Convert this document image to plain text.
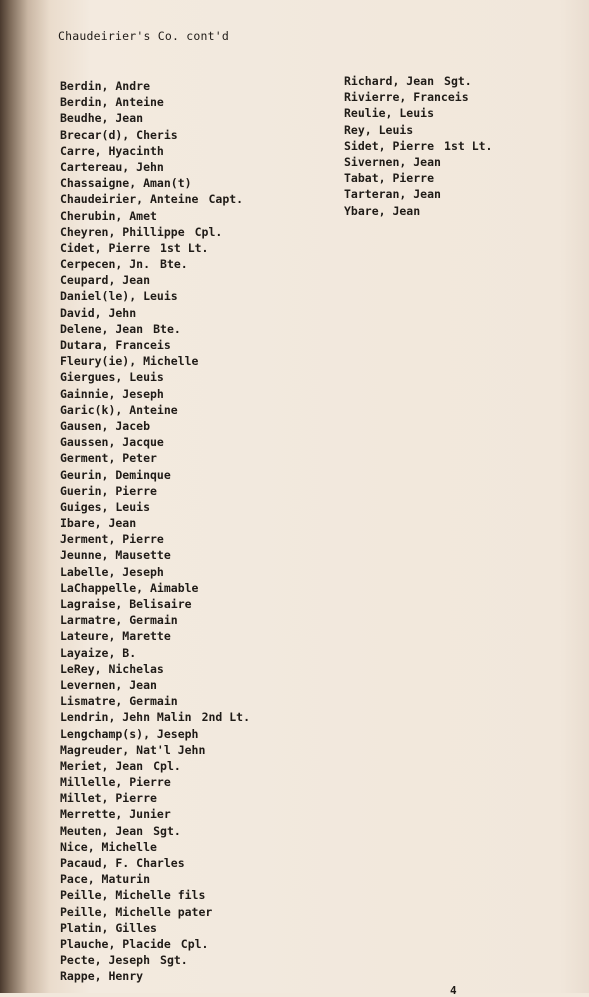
Chaudeirier's Co. cont'd
Berdin, Andre
Berdin, Anteine
Beudhe, Jean
Brecar(d), Cheris
Carre, Hyacinth
Cartereau, Jehn
Chassaigne, Aman(t)
Chaudeirier, Anteine Capt.
Cherubin, Amet
Cheyren, Phillippe Cpl.
Cidet, Pierre 1st Lt.
Cerpecen, Jn. Bte.
Ceupard, Jean
Daniel(le), Leuis
David, Jehn
Delene, Jean Bte.
Dutara, Franceis
Fleury(ie), Michelle
Giergues, Leuis
Gainnie, Jeseph
Garic(k), Anteine
Gausen, Jaceb
Gaussen, Jacque
Germent, Peter
Geurin, Deminque
Guerin, Pierre
Guiges, Leuis
Ibare, Jean
Jerment, Pierre
Jeunne, Mausette
Labelle, Jeseph
LaChappelle, Aimable
Lagraise, Belisaire
Larmatre, Germain
Lateure, Marette
Layaize, B.
LeRey, Nichelas
Levernen, Jean
Lismatre, Germain
Lendrin, Jehn Malin 2nd Lt.
Lengchamp(s), Jeseph
Magreuder, Nat'l Jehn
Meriet, Jean Cpl.
Millelle, Pierre
Millet, Pierre
Merrette, Junier
Meuten, Jean Sgt.
Nice, Michelle
Pacaud, F. Charles
Pace, Maturin
Peille, Michelle fils
Peille, Michelle pater
Platin, Gilles
Plauche, Placide Cpl.
Pecte, Jeseph Sgt.
Rappe, Henry
Richard, Jean Sgt.
Rivierre, Franceis
Reulie, Leuis
Rey, Leuis
Sidet, Pierre 1st Lt.
Sivernen, Jean
Tabat, Pierre
Tarteran, Jean
Ybare, Jean
4
